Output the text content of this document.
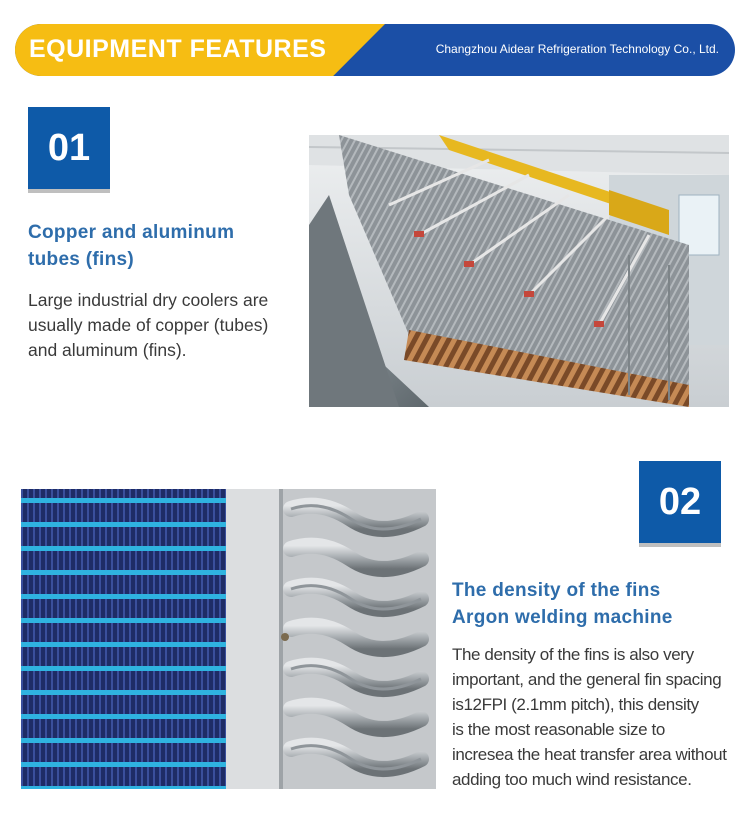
EQUIPMENT FEATURES	Changzhou Aidear Refrigeration Technology Co., Ltd.
01
Copper and aluminum
tubes (fins)
Large industrial dry coolers are
usually made of copper (tubes)
and aluminum (fins).
02
The density of the fins
Argon welding machine
The density of the fins is also very
important, and the general fin spacing
is12FPI (2.1mm pitch), this density
is the most reasonable size to
incresea the heat transfer area without
adding too much wind resistance.
